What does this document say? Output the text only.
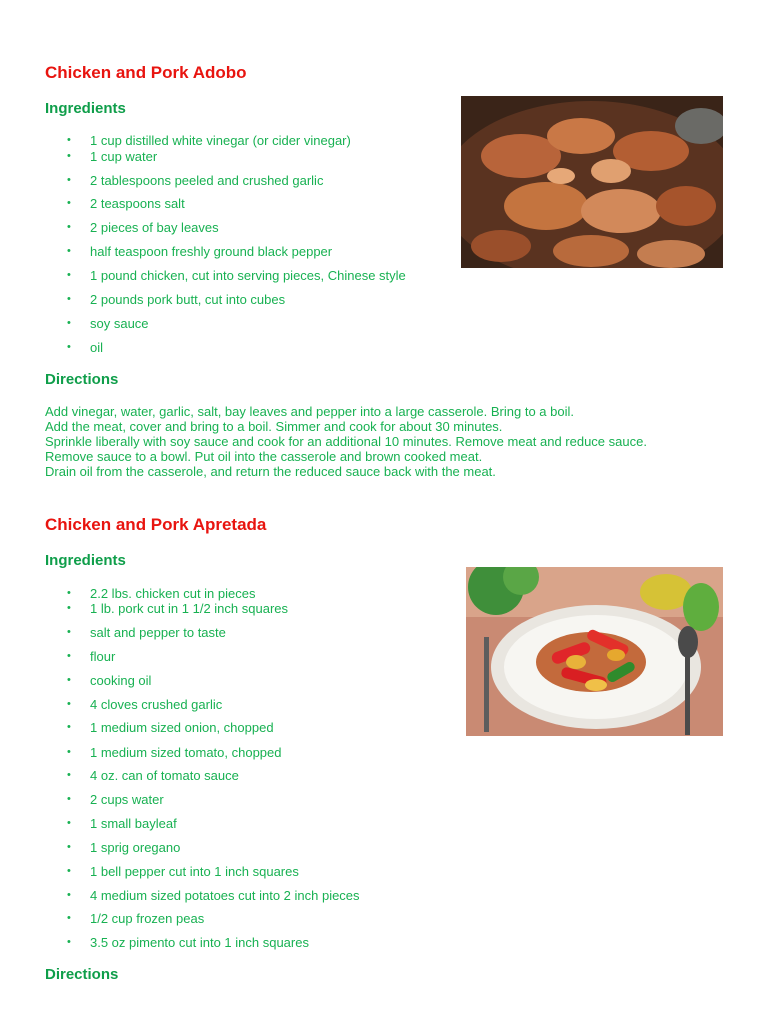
Chicken and Pork Adobo
Ingredients
• 1 cup distilled white vinegar (or cider vinegar)
• 1 cup water
• 2 tablespoons peeled and crushed garlic
• 2 teaspoons salt
• 2 pieces of bay leaves
• half teaspoon freshly ground black pepper
• 1 pound chicken, cut into serving pieces, Chinese style
• 2 pounds pork butt, cut into cubes
• soy sauce
• oil
Directions

Add vinegar, water, garlic, salt, bay leaves and pepper into a large casserole. Bring to a boil.

Add the meat, cover and bring to a boil. Simmer and cook for about 30 minutes.

Sprinkle liberally with soy sauce and cook for an additional 10 minutes. Remove meat and reduce sauce.

Remove sauce to a bowl. Put oil into the casserole and brown cooked meat.

Drain oil from the casserole, and return the reduced sauce back with the meat.

Chicken and Pork Apretada
Ingredients
• 2.2 lbs. chicken cut in pieces
• 1 lb. pork cut in 1 1/2 inch squares
• salt and pepper to taste
• flour
• cooking oil
• 4 cloves crushed garlic
• 1 medium sized onion, chopped
• 1 medium sized tomato, chopped
• 4 oz. can of tomato sauce
• 2 cups water
• 1 small bayleaf
• 1 sprig oregano
• 1 bell pepper cut into 1 inch squares
• 4 medium sized potatoes cut into 2 inch pieces
• 1/2 cup frozen peas
• 3.5 oz pimento cut into 1 inch squares
Directions
